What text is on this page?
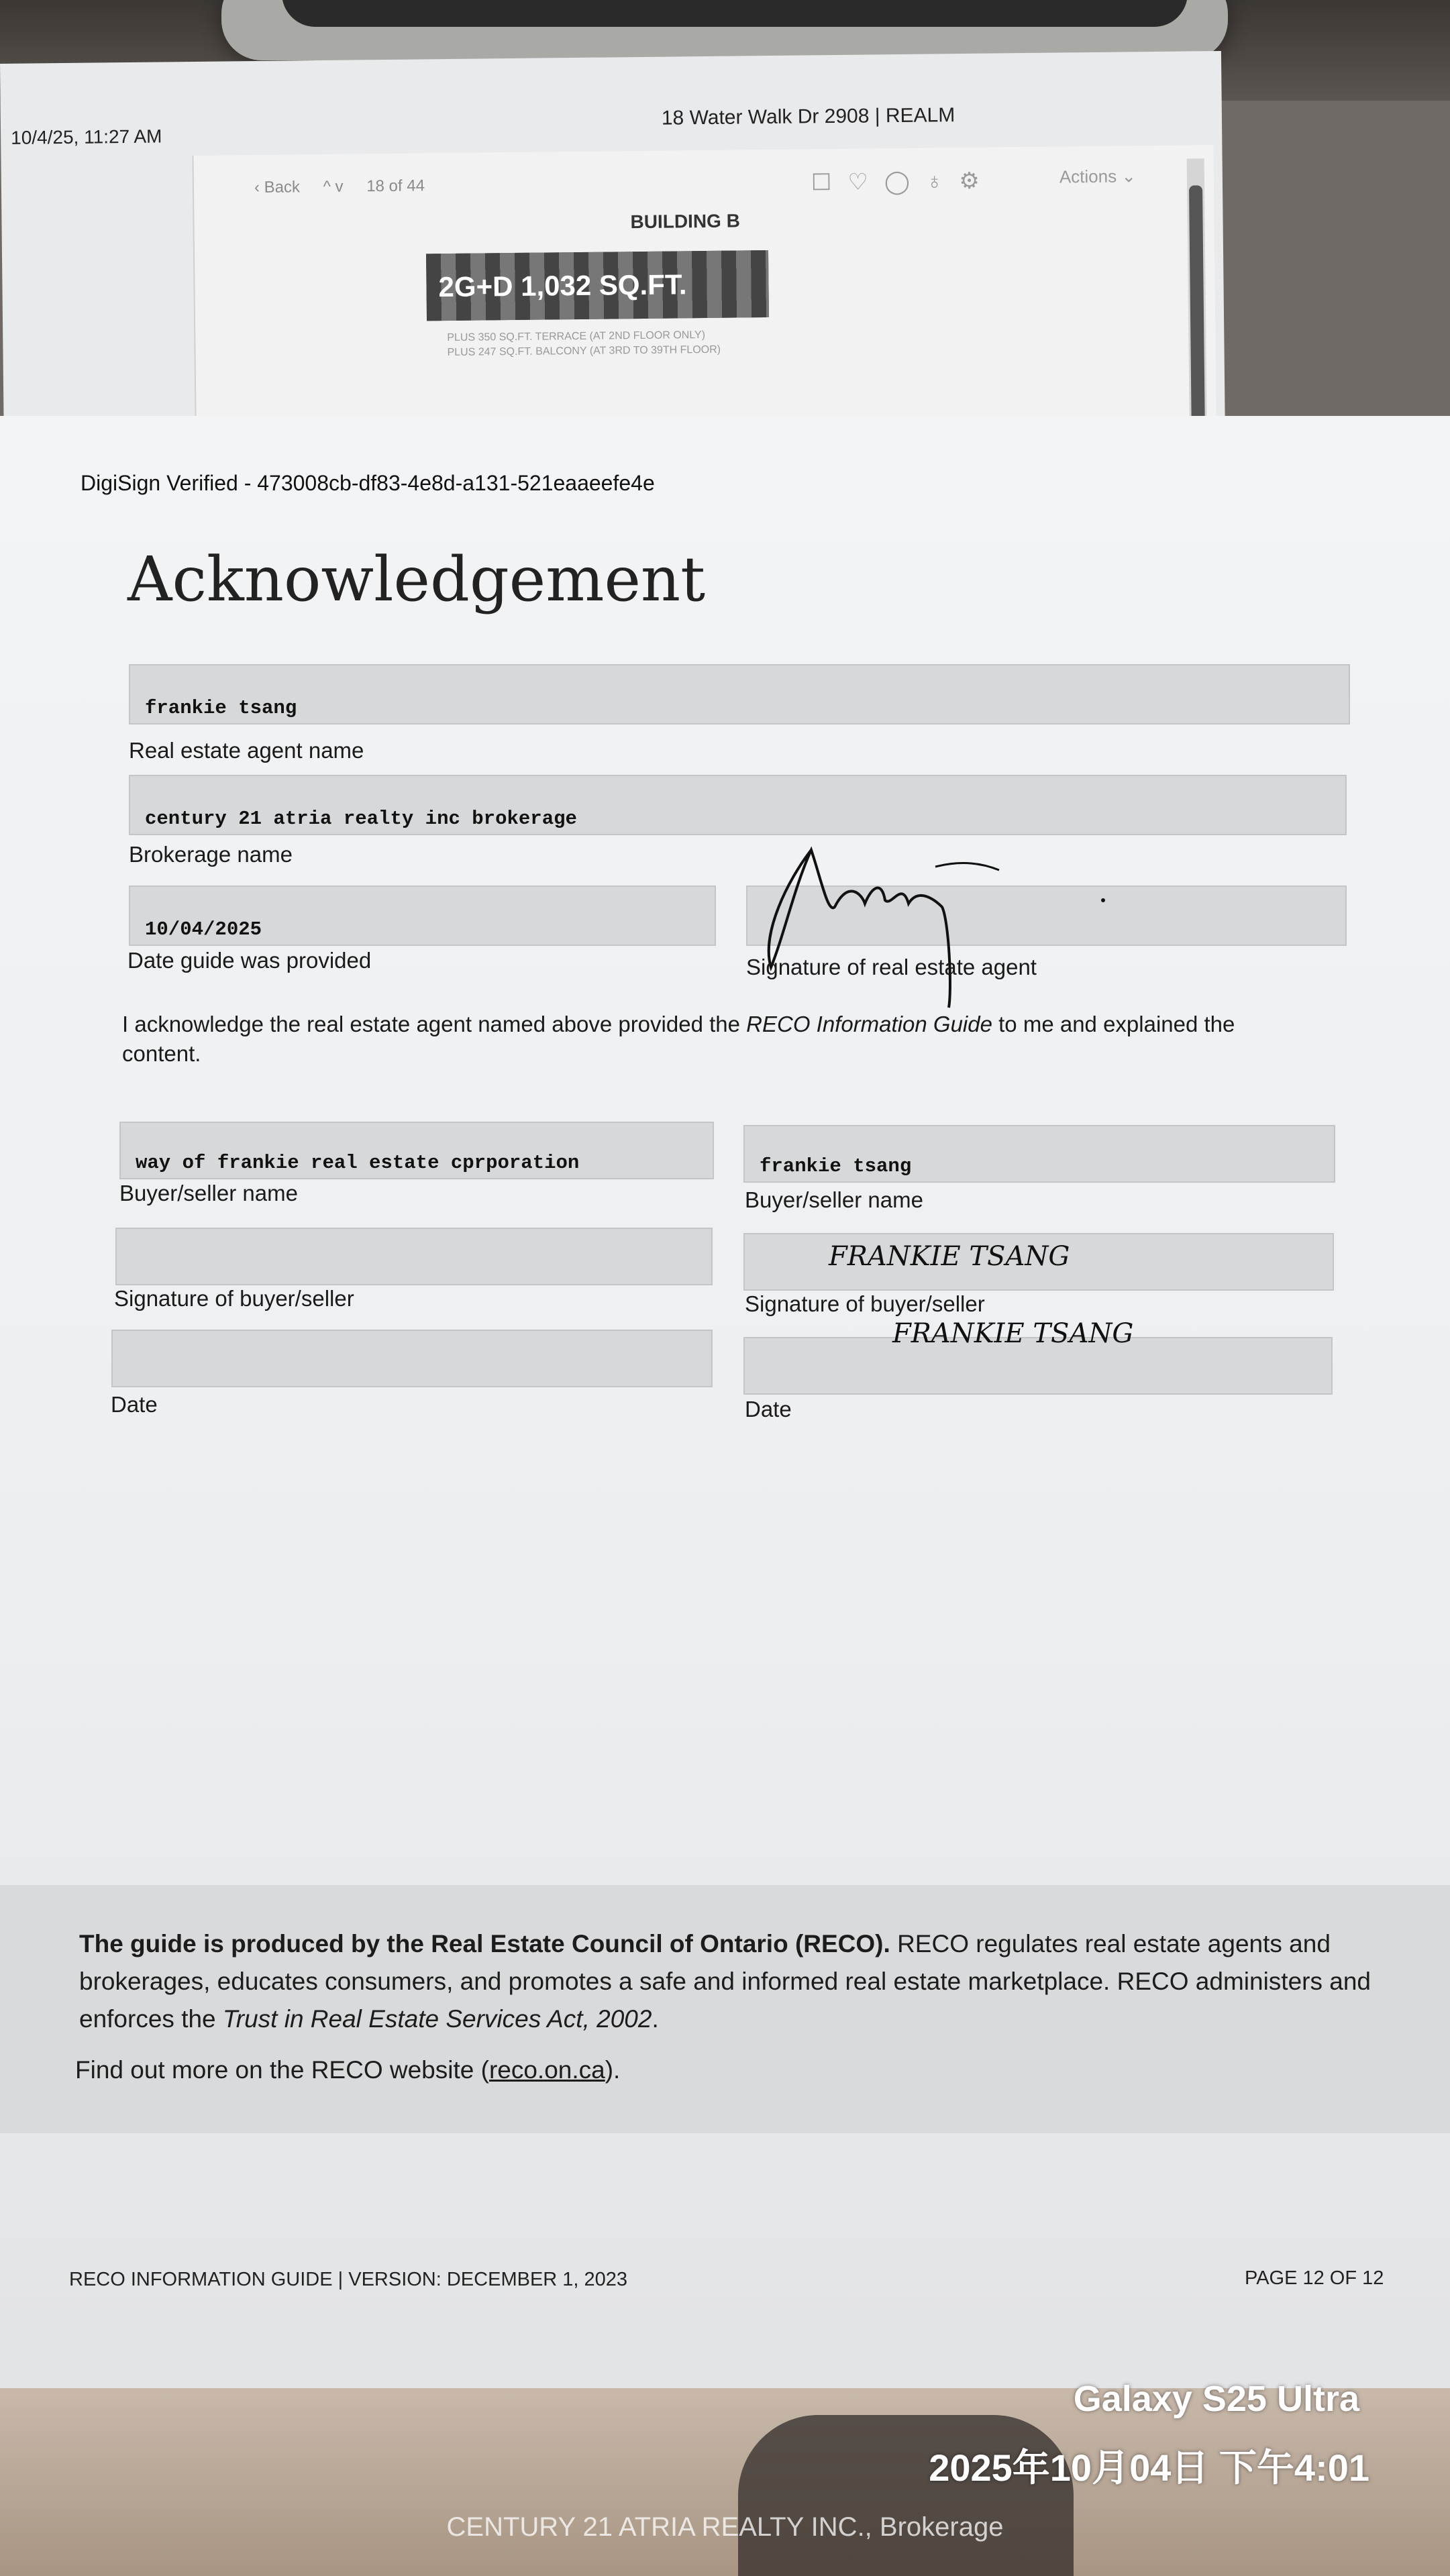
10/4/25, 11:27 AM
18 Water Walk Dr 2908 | REALM
‹ Back ^ v 18 of 44	☐♡◯♁⚙	Actions ⌄
BUILDING B
2G+D 1,032 SQ.FT.
PLUS 350 SQ.FT. TERRACE (AT 2ND FLOOR ONLY)
PLUS 247 SQ.FT. BALCONY (AT 3RD TO 39TH FLOOR)
DigiSign Verified - 473008cb-df83-4e8d-a131-521eaaeefe4e
Acknowledgement
frankie tsang
Real estate agent name
century 21 atria realty inc brokerage
Brokerage name
10/04/2025
Date guide was provided	Signature of real estate agent
I acknowledge the real estate agent named above provided the RECO Information Guide to me and explained the content.
way of frankie real estate cprporation
Buyer/seller name
frankie tsang
Buyer/seller name
Signature of buyer/seller
FRANKIE TSANG
Signature of buyer/seller
Date
FRANKIE TSANG
Date
The guide is produced by the Real Estate Council of Ontario (RECO). RECO regulates real estate agents and brokerages, educates consumers, and promotes a safe and informed real estate marketplace. RECO administers and enforces the Trust in Real Estate Services Act, 2002.
Find out more on the RECO website (reco.on.ca).
RECO INFORMATION GUIDE | VERSION: DECEMBER 1, 2023	PAGE 12 OF 12
Galaxy S25 Ultra
2025年10月04日 下午4:01
CENTURY 21 ATRIA REALTY INC., Brokerage
